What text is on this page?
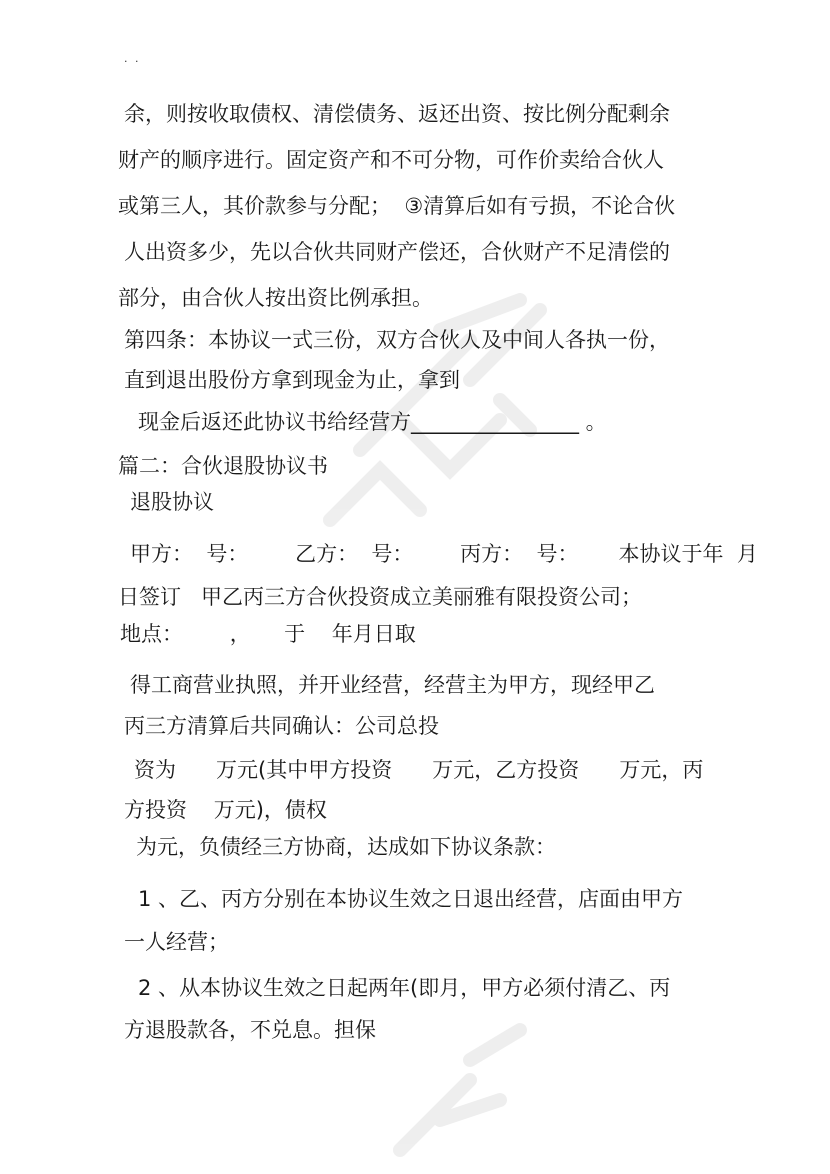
. .
余，则按收取债权、清偿债务、返还出资、按比例分配剩余
财产的顺序进行。固定资产和不可分物，可作价卖给合伙人
或第三人，其价款参与分配；  ③清算后如有亏损，不论合伙
人出资多少，先以合伙共同财产偿还，合伙财产不足清偿的
部分，由合伙人按出资比例承担。
第四条：本协议一式三份，双方合伙人及中间人各执一份，
直到退出股份方拿到现金为止，拿到
现金后返还此协议书给经营方________________ 。
篇二：合伙退股协议书
退股协议
甲方：  号：       乙方：  号：       丙方：  号：      本协议于年  月
日签订   甲乙丙三方合伙投资成立美丽雅有限投资公司；
地点：       ，     于    年月日取
得工商营业执照，并开业经营，经营主为甲方，现经甲乙
丙三方清算后共同确认：公司总投
资为      万元(其中甲方投资      万元，乙方投资      万元，丙
方投资    万元)，债权
为元，负债经三方协商，达成如下协议条款：
1 、乙、丙方分别在本协议生效之日退出经营，店面由甲方
一人经营；
2 、从本协议生效之日起两年(即月，甲方必须付清乙、丙
方退股款各，不兑息。担保
